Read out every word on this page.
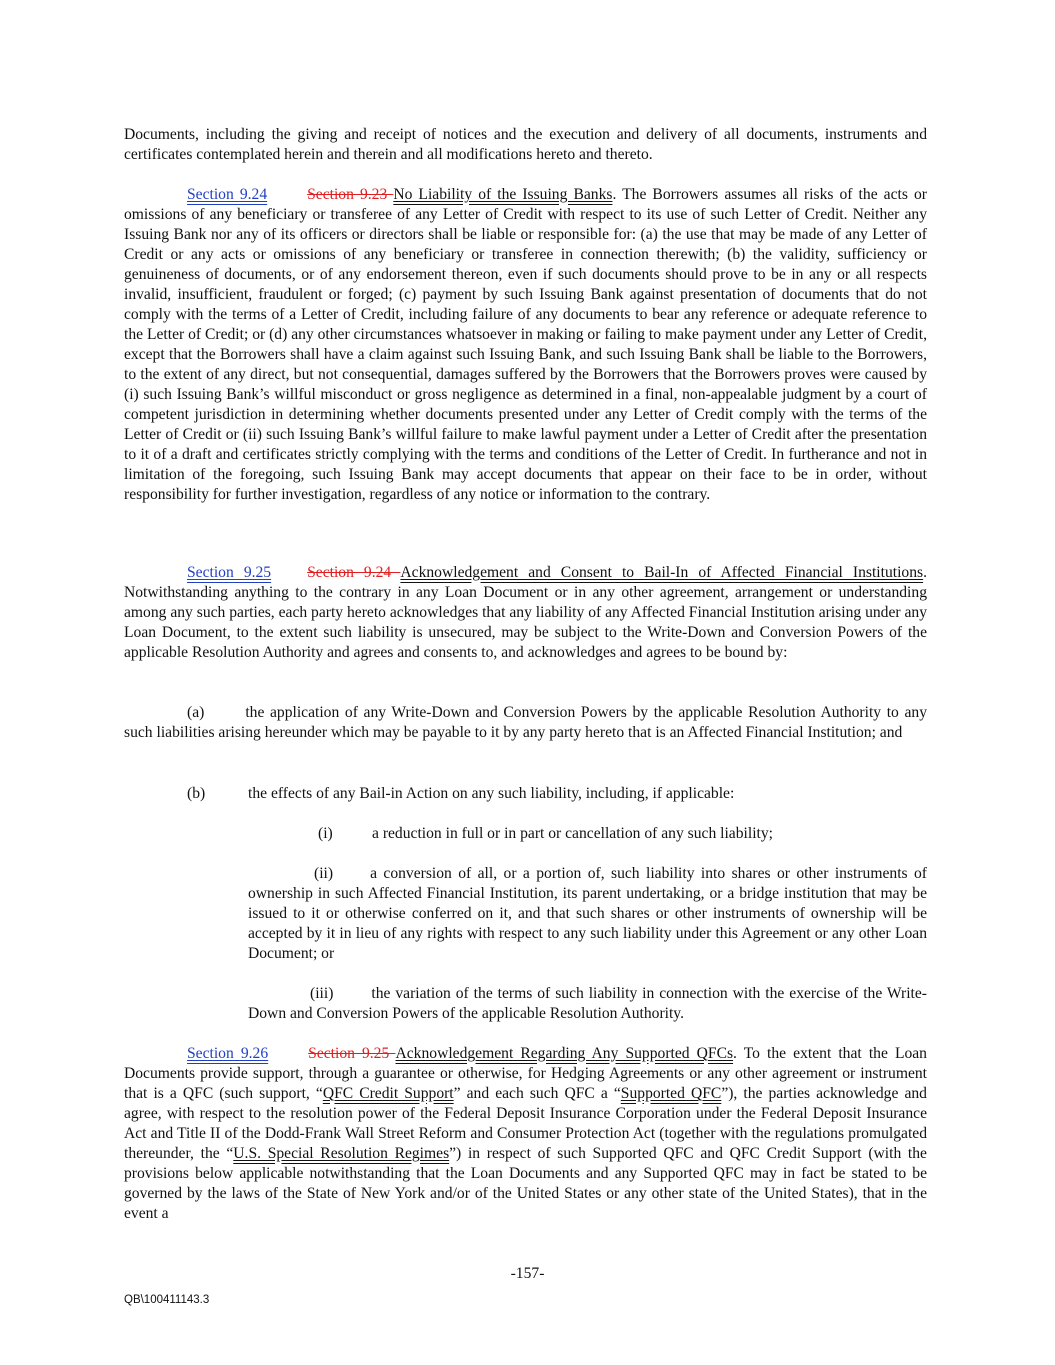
Documents, including the giving and receipt of notices and the execution and delivery of all documents, instruments and certificates contemplated herein and therein and all modifications hereto and thereto.

Section 9.24	Section 9.23 No Liability of the Issuing Banks. The Borrowers assumes all risks of the acts or omissions of any beneficiary or transferee of any Letter of Credit with respect to its use of such Letter of Credit. Neither any Issuing Bank nor any of its officers or directors shall be liable or responsible for: (a) the use that may be made of any Letter of Credit or any acts or omissions of any beneficiary or transferee in connection therewith; (b) the validity, sufficiency or genuineness of documents, or of any endorsement thereon, even if such documents should prove to be in any or all respects invalid, insufficient, fraudulent or forged; (c) payment by such Issuing Bank against presentation of documents that do not comply with the terms of a Letter of Credit, including failure of any documents to bear any reference or adequate reference to the Letter of Credit; or (d) any other circumstances whatsoever in making or failing to make payment under any Letter of Credit, except that the Borrowers shall have a claim against such Issuing Bank, and such Issuing Bank shall be liable to the Borrowers, to the extent of any direct, but not consequential, damages suffered by the Borrowers that the Borrowers proves were caused by (i) such Issuing Bank’s willful misconduct or gross negligence as determined in a final, non-appealable judgment by a court of competent jurisdiction in determining whether documents presented under any Letter of Credit comply with the terms of the Letter of Credit or (ii) such Issuing Bank’s willful failure to make lawful payment under a Letter of Credit after the presentation to it of a draft and certificates strictly complying with the terms and conditions of the Letter of Credit. In furtherance and not in limitation of the foregoing, such Issuing Bank may accept documents that appear on their face to be in order, without responsibility for further investigation, regardless of any notice or information to the contrary.

Section 9.25 Section 9.24 Acknowledgement and Consent to Bail-In of Affected Financial Institutions. Notwithstanding anything to the contrary in any Loan Document or in any other agreement, arrangement or understanding among any such parties, each party hereto acknowledges that any liability of any Affected Financial Institution arising under any Loan Document, to the extent such liability is unsecured, may be subject to the Write-Down and Conversion Powers of the applicable Resolution Authority and agrees and consents to, and acknowledges and agrees to be bound by:

(a)	the application of any Write-Down and Conversion Powers by the applicable Resolution Authority to any such liabilities arising hereunder which may be payable to it by any party hereto that is an Affected Financial Institution; and

(b)	the effects of any Bail-in Action on any such liability, including, if applicable:
(i)	a reduction in full or in part or cancellation of any such liability;

(ii) a conversion of all, or a portion of, such liability into shares or other instruments of ownership in such Affected Financial Institution, its parent undertaking, or a bridge institution that may be issued to it or otherwise conferred on it, and that such shares or other instruments of ownership will be accepted by it in lieu of any rights with respect to any such liability under this Agreement or any other Loan Document; or

(iii) the variation of the terms of such liability in connection with the exercise of the Write-Down and Conversion Powers of the applicable Resolution Authority.

Section 9.26	Section 9.25 Acknowledgement Regarding Any Supported QFCs. To the extent that the Loan Documents provide support, through a guarantee or otherwise, for Hedging Agreements or any other agreement or instrument that is a QFC (such support, “QFC Credit Support” and each such QFC a “Supported QFC”), the parties acknowledge and agree, with respect to the resolution power of the Federal Deposit Insurance Corporation under the Federal Deposit Insurance Act and Title II of the Dodd-Frank Wall Street Reform and Consumer Protection Act (together with the regulations promulgated thereunder, the “U.S. Special Resolution Regimes”) in respect of such Supported QFC and QFC Credit Support (with the provisions below applicable notwithstanding that the Loan Documents and any Supported QFC may in fact be stated to be governed by the laws of the State of New York and/or of the United States or any other state of the United States), that in the event a

-157-
QB\100411143.3
